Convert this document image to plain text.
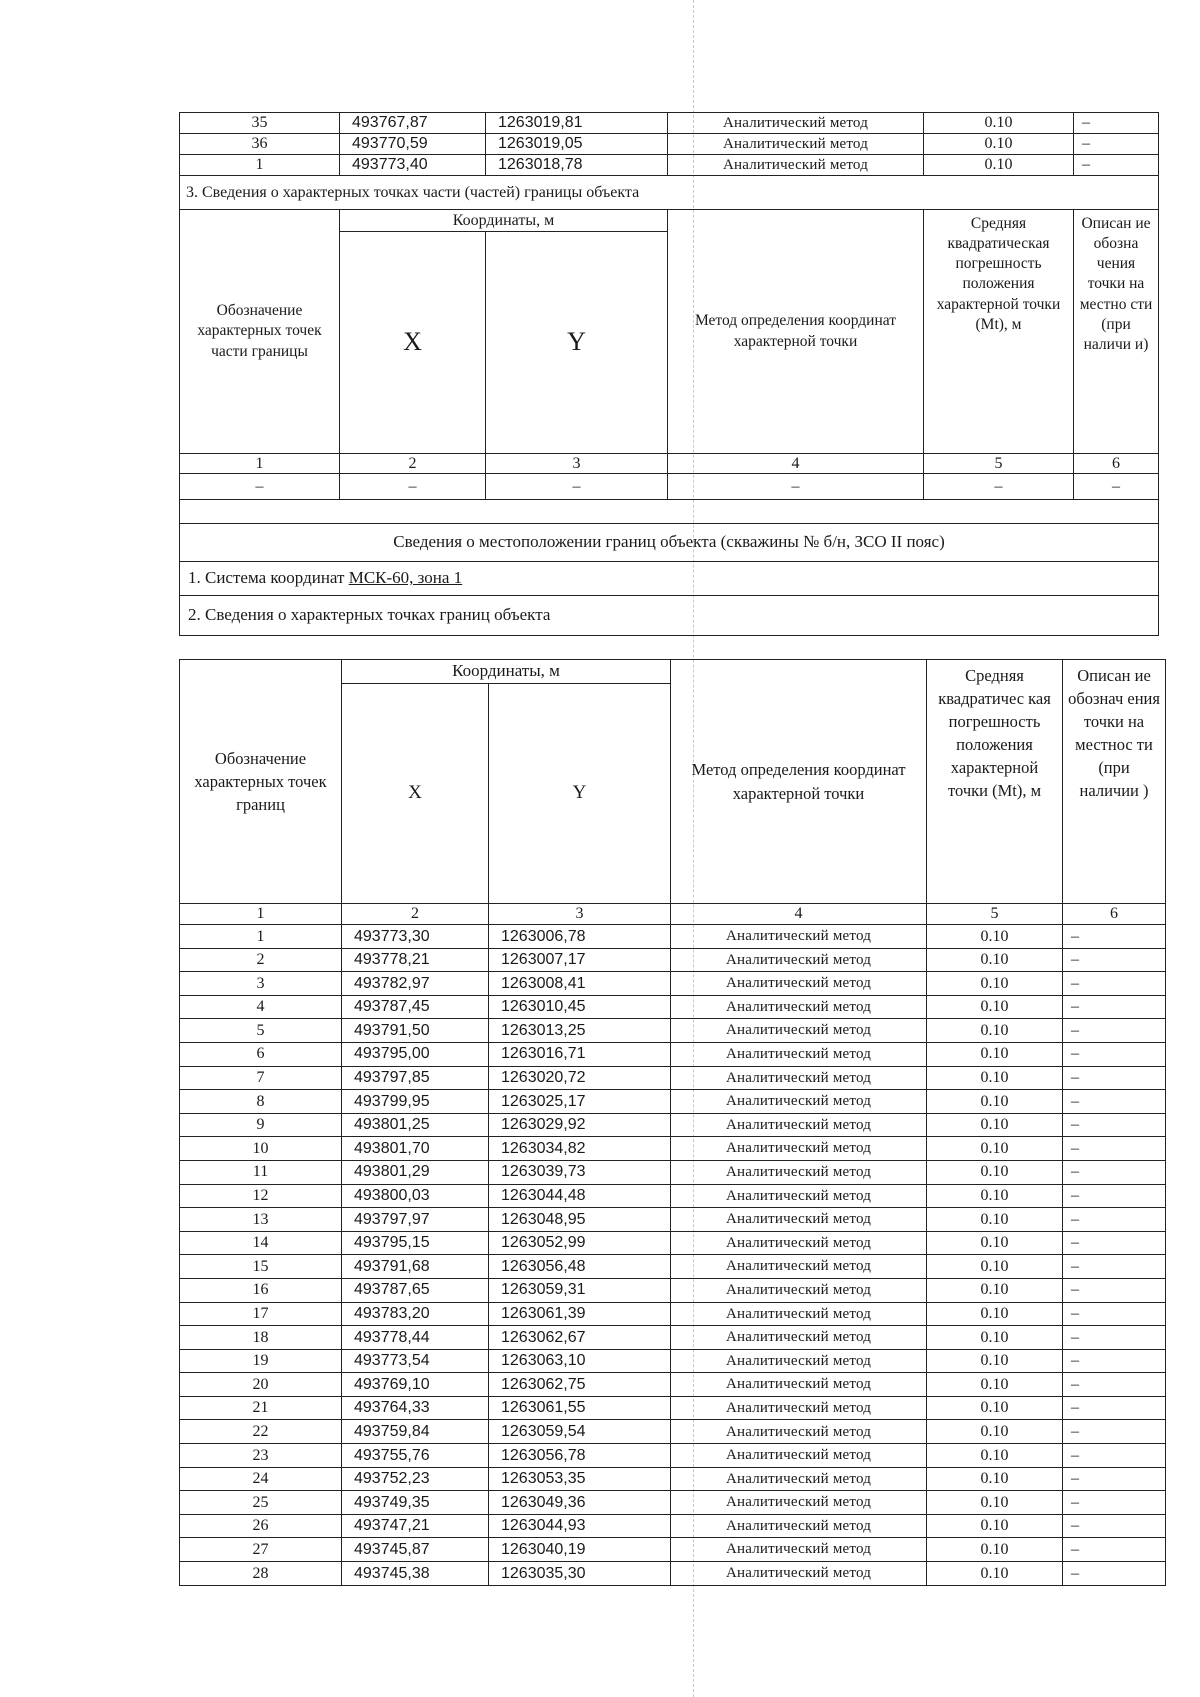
35	493767,87	1263019,81	Аналитический метод	0.10	–
36	493770,59	1263019,05	Аналитический метод	0.10	–
1	493773,40	1263018,78	Аналитический метод	0.10	–
3. Сведения о характерных точках части (частей) границы объекта					
Обозначение характерных точек части границы	Координаты, м		Метод определения координат характерной точки	Средняя квадратическая погрешность положения характерной точки (Mt), м	Описан ие обозна чения точки на местно сти (при наличи и)
	X	Y			
1	2	3	4	5	6
–	–	–	–	–	–

Сведения о местоположении границ объекта (скважины № б/н, ЗСО II пояс)					
1. Система координат МСК-60, зона 1					
2. Сведения о характерных точках границ объекта					
Обозначение характерных точек границ	Координаты, м		Метод определения координат характерной точки	Средняя квадратичес кая погрешность положения характерной точки (Mt), м	Описан ие обознач ения точки на местнос ти (при наличии )
	X	Y			
1	2	3	4	5	6
1	493773,30	1263006,78	Аналитический метод	0.10	–
2	493778,21	1263007,17	Аналитический метод	0.10	–
3	493782,97	1263008,41	Аналитический метод	0.10	–
4	493787,45	1263010,45	Аналитический метод	0.10	–
5	493791,50	1263013,25	Аналитический метод	0.10	–
6	493795,00	1263016,71	Аналитический метод	0.10	–
7	493797,85	1263020,72	Аналитический метод	0.10	–
8	493799,95	1263025,17	Аналитический метод	0.10	–
9	493801,25	1263029,92	Аналитический метод	0.10	–
10	493801,70	1263034,82	Аналитический метод	0.10	–
11	493801,29	1263039,73	Аналитический метод	0.10	–
12	493800,03	1263044,48	Аналитический метод	0.10	–
13	493797,97	1263048,95	Аналитический метод	0.10	–
14	493795,15	1263052,99	Аналитический метод	0.10	–
15	493791,68	1263056,48	Аналитический метод	0.10	–
16	493787,65	1263059,31	Аналитический метод	0.10	–
17	493783,20	1263061,39	Аналитический метод	0.10	–
18	493778,44	1263062,67	Аналитический метод	0.10	–
19	493773,54	1263063,10	Аналитический метод	0.10	–
20	493769,10	1263062,75	Аналитический метод	0.10	–
21	493764,33	1263061,55	Аналитический метод	0.10	–
22	493759,84	1263059,54	Аналитический метод	0.10	–
23	493755,76	1263056,78	Аналитический метод	0.10	–
24	493752,23	1263053,35	Аналитический метод	0.10	–
25	493749,35	1263049,36	Аналитический метод	0.10	–
26	493747,21	1263044,93	Аналитический метод	0.10	–
27	493745,87	1263040,19	Аналитический метод	0.10	–
28	493745,38	1263035,30	Аналитический метод	0.10	–
